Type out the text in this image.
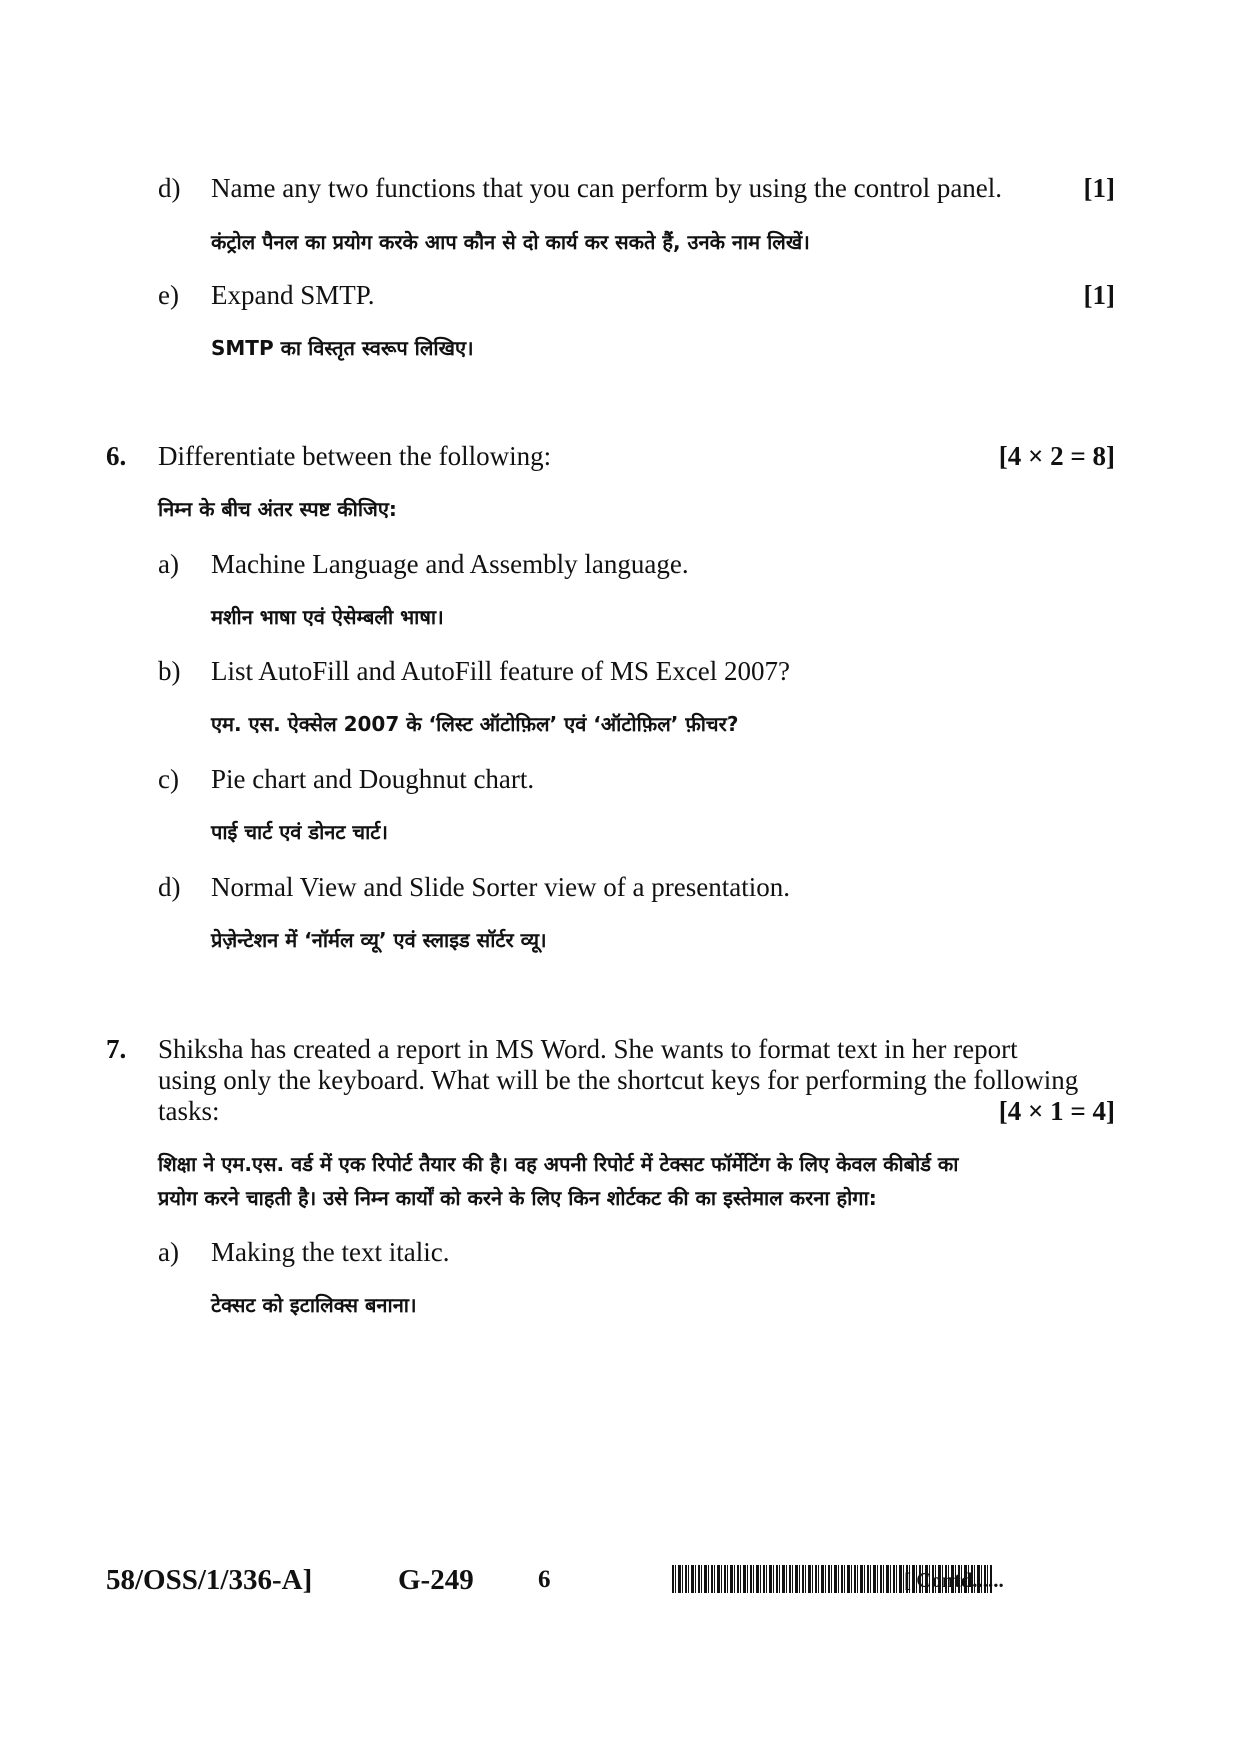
d) Name any two functions that you can perform by using the control panel.	[1]
कंट्रोल पैनल का प्रयोग करके आप कौन से दो कार्य कर सकते हैं, उनके नाम लिखें।
e) Expand SMTP.	[1]
SMTP का विस्तृत स्वरूप लिखिए।
6. Differentiate between the following:	[4 × 2 = 8]
निम्न के बीच अंतर स्पष्ट कीजिए:
a) Machine Language and Assembly language.
मशीन भाषा एवं ऐसेम्बली भाषा।
b) List AutoFill and AutoFill feature of MS Excel 2007?
एम. एस. ऐक्सेल 2007 के ‘लिस्ट ऑटोफ़िल’ एवं ‘ऑटोफ़िल’ फ़ीचर?
c) Pie chart and Doughnut chart.
पाई चार्ट एवं डोनट चार्ट।
d) Normal View and Slide Sorter view of a presentation.
प्रेज़ेन्टेशन में ‘नॉर्मल व्यू’ एवं स्लाइड सॉर्टर व्यू।
7. Shiksha has created a report in MS Word. She wants to format text in her report
using only the keyboard. What will be the shortcut keys for performing the following
tasks:	[4 × 1 = 4]
शिक्षा ने एम.एस. वर्ड में एक रिपोर्ट तैयार की है। वह अपनी रिपोर्ट में टेक्सट फॉर्मेटिंग के लिए केवल कीबोर्ड का
प्रयोग करने चाहती है। उसे निम्न कार्यों को करने के लिए किन शोर्टकट की का इस्तेमाल करना होगा:
a) Making the text italic.
टेक्सट को इटालिक्स बनाना।
58/OSS/1/336-A]	G-249	6	[ Contd......
